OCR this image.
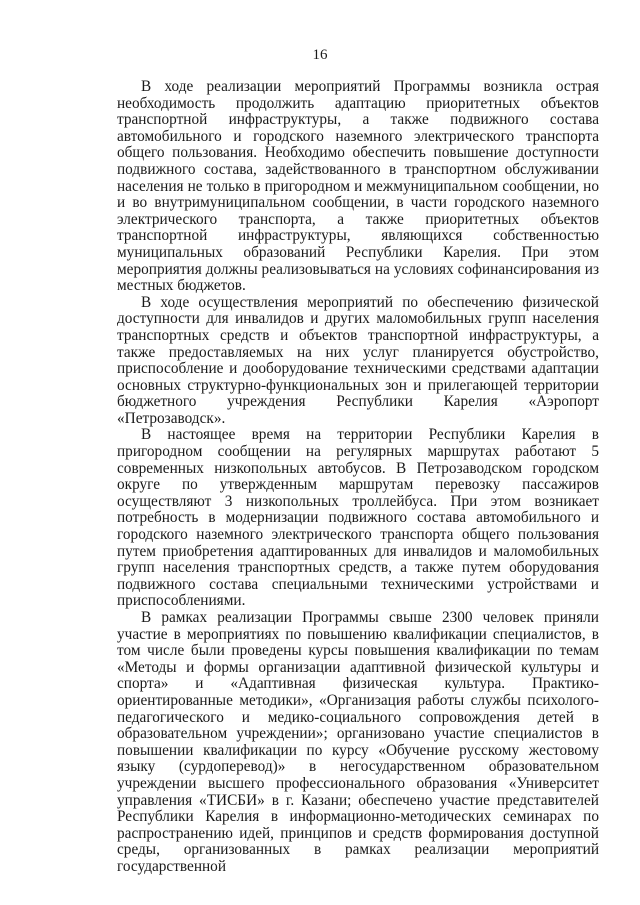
16

В ходе реализации мероприятий Программы возникла острая необходимость продолжить адаптацию приоритетных объектов транспортной инфраструктуры, а также подвижного состава автомобильного и городского наземного электрического транспорта общего пользования. Необходимо обеспечить повышение доступности подвижного состава, задействованного в транспортном обслуживании населения не только в пригородном и межмуниципальном сообщении, но и во внутримуниципальном сообщении, в части городского наземного электрического транспорта, а также приоритетных объектов транспортной инфраструктуры, являющихся собственностью муниципальных образований Республики Карелия. При этом мероприятия должны реализовываться на условиях софинансирования из местных бюджетов.

В ходе осуществления мероприятий по обеспечению физической доступности для инвалидов и других маломобильных групп населения транспортных средств и объектов транспортной инфраструктуры, а также предоставляемых на них услуг планируется обустройство, приспособление и дооборудование техническими средствами адаптации основных структурно-функциональных зон и прилегающей территории бюджетного учреждения Республики Карелия «Аэропорт «Петрозаводск».

В настоящее время на территории Республики Карелия в пригородном сообщении на регулярных маршрутах работают 5 современных низкопольных автобусов. В Петрозаводском городском округе по утвержденным маршрутам перевозку пассажиров осуществляют 3 низкопольных троллейбуса. При этом возникает потребность в модернизации подвижного состава автомобильного и городского наземного электрического транспорта общего пользования путем приобретения адаптированных для инвалидов и маломобильных групп населения транспортных средств, а также путем оборудования подвижного состава специальными техническими устройствами и приспособлениями.

В рамках реализации Программы свыше 2300 человек приняли участие в мероприятиях по повышению квалификации специалистов, в том числе были проведены курсы повышения квалификации по темам «Методы и формы организации адаптивной физической культуры и спорта» и «Адаптивная физическая культура. Практико-ориентированные методики», «Организация работы службы психолого-педагогического и медико-социального сопровождения детей в образовательном учреждении»; организовано участие специалистов в повышении квалификации по курсу «Обучение русскому жестовому языку (сурдоперевод)» в негосударственном образовательном учреждении высшего профессионального образования «Университет управления «ТИСБИ» в г. Казани; обеспечено участие представителей Республики Карелия в информационно-методических семинарах по распространению идей, принципов и средств формирования доступной среды, организованных в рамках реализации мероприятий государственной
